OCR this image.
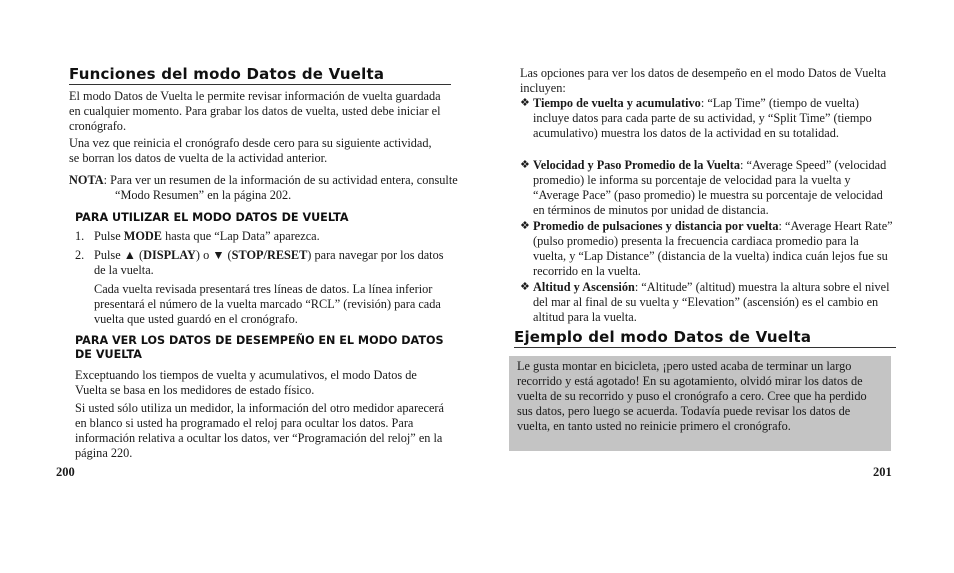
Funciones del modo Datos de Vuelta
El modo Datos de Vuelta le permite revisar información de vuelta guardada en cualquier momento. Para grabar los datos de vuelta, usted debe iniciar el cronógrafo.
Una vez que reinicia el cronógrafo desde cero para su siguiente actividad, se borran los datos de vuelta de la actividad anterior.
NOTA: Para ver un resumen de la información de su actividad entera, consulte “Modo Resumen” en la página 202.
PARA UTILIZAR EL MODO DATOS DE VUELTA
1. Pulse MODE hasta que “Lap Data” aparezca.
2. Pulse ▲ (DISPLAY) o ▼ (STOP/RESET) para navegar por los datos de la vuelta.
Cada vuelta revisada presentará tres líneas de datos. La línea inferior presentará el número de la vuelta marcado “RCL” (revisión) para cada vuelta que usted guardó en el cronógrafo.
PARA VER LOS DATOS DE DESEMPEÑO EN EL MODO DATOS DE VUELTA
Exceptuando los tiempos de vuelta y acumulativos, el modo Datos de Vuelta se basa en los medidores de estado físico.
Si usted sólo utiliza un medidor, la información del otro medidor aparecerá en blanco si usted ha programado el reloj para ocultar los datos. Para información relativa a ocultar los datos, ver “Programación del reloj” en la página 220.
200
Las opciones para ver los datos de desempeño en el modo Datos de Vuelta incluyen:
❖ Tiempo de vuelta y acumulativo: “Lap Time” (tiempo de vuelta) incluye datos para cada parte de su actividad, y “Split Time” (tiempo acumulativo) muestra los datos de la actividad en su totalidad.
❖ Velocidad y Paso Promedio de la Vuelta: “Average Speed” (velocidad promedio) le informa su porcentaje de velocidad para la vuelta y “Average Pace” (paso promedio) le muestra su porcentaje de velocidad en términos de minutos por unidad de distancia.
❖ Promedio de pulsaciones y distancia por vuelta: “Average Heart Rate” (pulso promedio) presenta la frecuencia cardiaca promedio para la vuelta, y “Lap Distance” (distancia de la vuelta) indica cuán lejos fue su recorrido en la vuelta.
❖ Altitud y Ascensión: “Altitude” (altitud) muestra la altura sobre el nivel del mar al final de su vuelta y “Elevation” (ascensión) es el cambio en altitud para la vuelta.
Ejemplo del modo Datos de Vuelta
Le gusta montar en bicicleta, ¡pero usted acaba de terminar un largo recorrido y está agotado! En su agotamiento, olvidó mirar los datos de vuelta de su recorrido y puso el cronógrafo a cero. Cree que ha perdido sus datos, pero luego se acuerda. Todavía puede revisar los datos de vuelta, en tanto usted no reinicie primero el cronógrafo.
201
